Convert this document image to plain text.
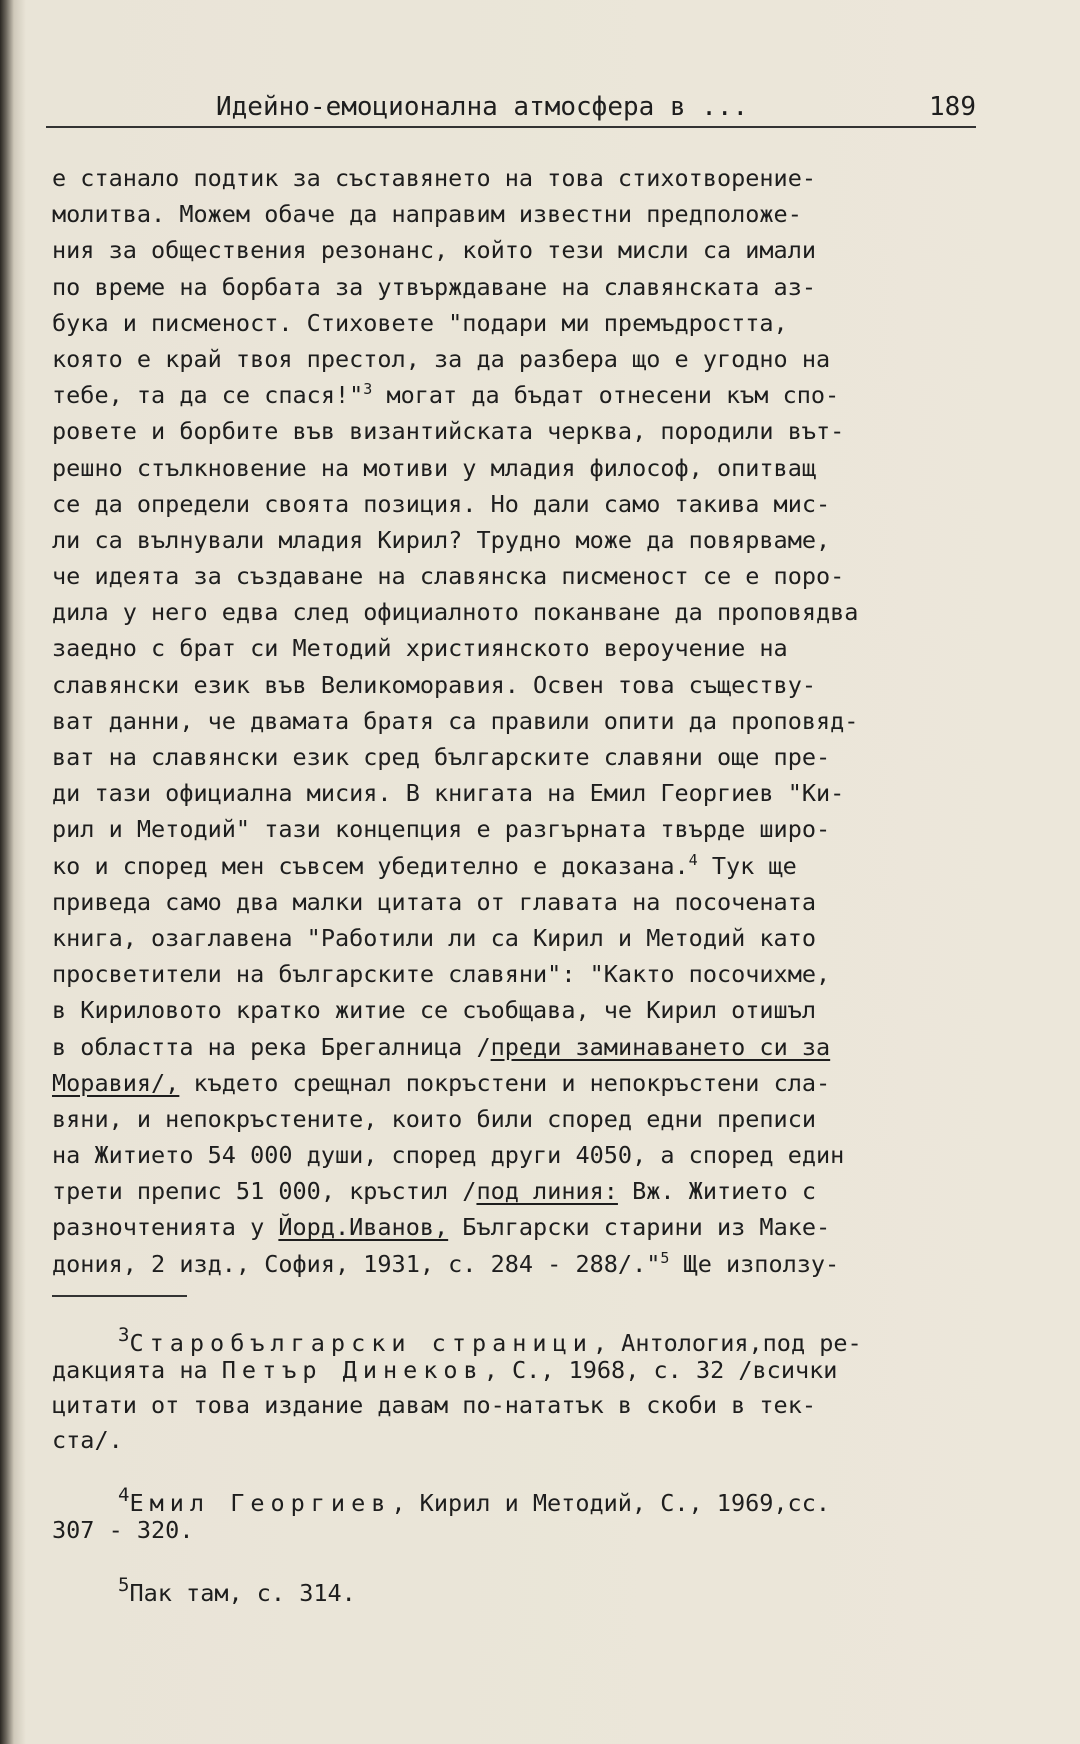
Идейно-емоционална атмосфера в ...	189
е станало подтик за съставянето на това стихотворение-
молитва. Можем обаче да направим известни предположе-
ния за обществения резонанс, който тези мисли са имали
по време на борбата за утвърждаване на славянската аз-
бука и писменост. Стиховете "подари ми премъдростта,
която е край твоя престол, за да разбера що е угодно на
тебе, та да се спася!"$^3$ могат да бъдат отнесени към спо-
ровете и борбите във византийската черква, породили вът-
решно стълкновение на мотиви у младия философ, опитващ
се да определи своята позиция. Но дали само такива мис-
ли са вълнували младия Кирил? Трудно може да повярваме,
че идеята за създаване на славянска писменост се е поро-
дила у него едва след официалното поканване да проповядва
заедно с брат си Методий християнското вероучение на
славянски език във Великоморавия. Освен това съществу-
ват данни, че двамата братя са правили опити да проповяд-
ват на славянски език сред българските славяни още пре-
ди тази официална мисия. В книгата на Емил Георгиев "Ки-
рил и Методий" тази концепция е разгърната твърде широ-
ко и според мен съвсем убедително е доказана.$^4$ Тук ще
приведа само два малки цитата от главата на посочената
книга, озаглавена "Работили ли са Кирил и Методий като
просветители на българските славяни": "Както посочихме,
в Кириловото кратко житие се съобщава, че Кирил отишъл
в областта на река Брегалница /преди заминаването си за
Моравия/, където срещнал покръстени и непокръстени сла-
вяни, и непокръстените, които били според едни преписи
на Житието 54 000 души, според други 4050, а според един
трети препис 51 000, кръстил /под линия: Вж. Житието с
разночтенията у Йорд.Иванов, Български старини из Маке-
дония, 2 изд., София, 1931, с. 284 - 288/."$^5$ Ще използу-
$^3$Старобългарски страници, Антология,под ре-
дакцията на Петър Динеков, С., 1968, с. 32 /всички
цитати от това издание давам по-нататък в скоби в тек-
ста/.
$^4$Емил Георгиев, Кирил и Методий, С., 1969,сс.
307 - 320.
$^5$Пак там, с. 314.
